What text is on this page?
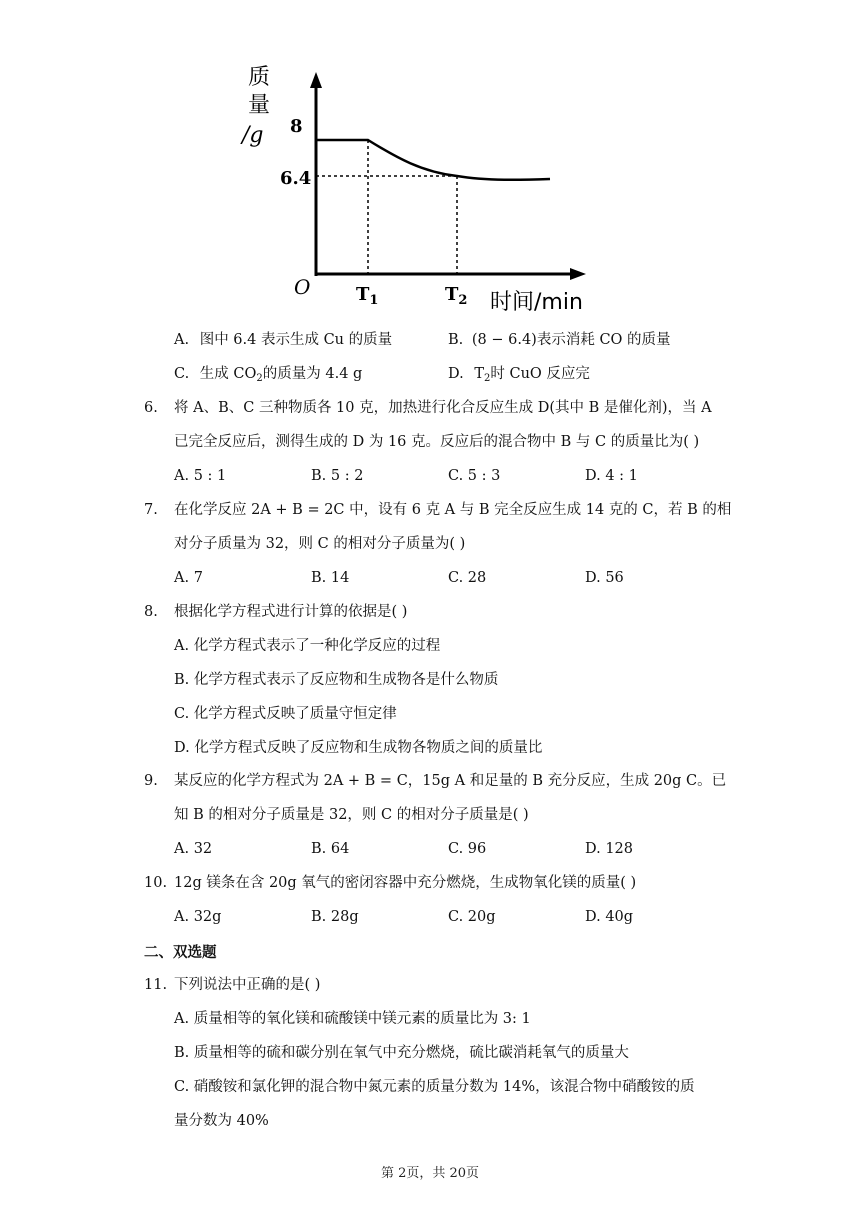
质
量
/g 8
6.4
O	$T_1$	$T_2$ 时间/min
A. 图中 6.4 表示生成 Cu 的质量	B. (8 − 6.4)表示消耗 CO 的质量
C. 生成 $CO_2$的质量为 4.4 g	D. $T_2$时 CuO 反应完
6. 将 A、B、C 三种物质各 10 克，加热进行化合反应生成 D(其中 B 是催化剂)，当 A
已完全反应后，测得生成的 D 为 16 克。反应后的混合物中 B 与 C 的质量比为( )
A. 5 : 1	B. 5 : 2	C. 5 : 3	D. 4 : 1
7. 在化学反应 2A + B = 2C 中，设有 6 克 A 与 B 完全反应生成 14 克的 C，若 B 的相
对分子质量为 32，则 C 的相对分子质量为( )
A. 7	B. 14	C. 28	D. 56
8. 根据化学方程式进行计算的依据是( )
A. 化学方程式表示了一种化学反应的过程
B. 化学方程式表示了反应物和生成物各是什么物质
C. 化学方程式反映了质量守恒定律
D. 化学方程式反映了反应物和生成物各物质之间的质量比
9. 某反应的化学方程式为 2A + B = C，15g A 和足量的 B 充分反应，生成 20g C。已
知 B 的相对分子质量是 32，则 C 的相对分子质量是( )
A. 32	B. 64	C. 96	D. 128
10. 12g 镁条在含 20g 氧气的密闭容器中充分燃烧，生成物氧化镁的质量( )
A. 32g	B. 28g	C. 20g	D. 40g
二、双选题
11. 下列说法中正确的是( )
A. 质量相等的氧化镁和硫酸镁中镁元素的质量比为 3: 1
B. 质量相等的硫和碳分别在氧气中充分燃烧，硫比碳消耗氧气的质量大
C. 硝酸铵和氯化钾的混合物中氮元素的质量分数为 14%，该混合物中硝酸铵的质
量分数为 40%
第 2页，共 20页
